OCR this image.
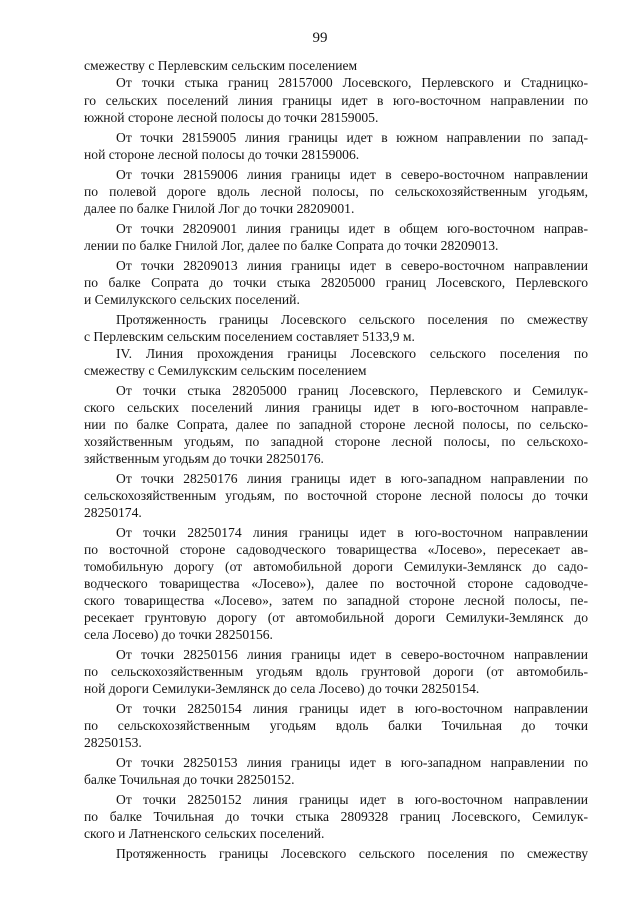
99
смежеству с Перлевским сельским поселением
От точки стыка границ 28157000 Лосевского, Перлевского и Стадницко-
го сельских поселений линия границы идет в юго-восточном направлении по
южной стороне лесной полосы до точки 28159005.
От точки 28159005 линия границы идет в южном направлении по запад-
ной стороне лесной полосы до точки 28159006.
От точки 28159006 линия границы идет в северо-восточном направлении
по полевой дороге вдоль лесной полосы, по сельскохозяйственным угодьям,
далее по балке Гнилой Лог до точки 28209001.
От точки 28209001 линия границы идет в общем юго-восточном направ-
лении по балке Гнилой Лог, далее по балке Сопрата до точки 28209013.
От точки 28209013 линия границы идет в северо-восточном направлении
по балке Сопрата до точки стыка 28205000 границ Лосевского, Перлевского
и Семилукского сельских поселений.
Протяженность границы Лосевского сельского поселения по смежеству
с Перлевским сельским поселением составляет 5133,9 м.
IV. Линия прохождения границы Лосевского сельского поселения по
смежеству с Семилукским сельским поселением
От точки стыка 28205000 границ Лосевского, Перлевского и Семилук-
ского сельских поселений линия границы идет в юго-восточном направле-
нии по балке Сопрата, далее по западной стороне лесной полосы, по сельско-
хозяйственным угодьям, по западной стороне лесной полосы, по сельскохо-
зяйственным угодьям до точки 28250176.
От точки 28250176 линия границы идет в юго-западном направлении по
сельскохозяйственным угодьям, по восточной стороне лесной полосы до точки
28250174.
От точки 28250174 линия границы идет в юго-восточном направлении
по восточной стороне садоводческого товарищества «Лосево», пересекает ав-
томобильную дорогу (от автомобильной дороги Семилуки-Землянск до садо-
водческого товарищества «Лосево»), далее по восточной стороне садоводче-
ского товарищества «Лосево», затем по западной стороне лесной полосы, пе-
ресекает грунтовую дорогу (от автомобильной дороги Семилуки-Землянск до
села Лосево) до точки 28250156.
От точки 28250156 линия границы идет в северо-восточном направлении
по сельскохозяйственным угодьям вдоль грунтовой дороги (от автомобиль-
ной дороги Семилуки-Землянск до села Лосево) до точки 28250154.
От точки 28250154 линия границы идет в юго-восточном направлении
по сельскохозяйственным угодьям вдоль балки Точильная до точки
28250153.
От точки 28250153 линия границы идет в юго-западном направлении по
балке Точильная до точки 28250152.
От точки 28250152 линия границы идет в юго-восточном направлении
по балке Точильная до точки стыка 2809328 границ Лосевского, Семилук-
ского и Латненского сельских поселений.
Протяженность границы Лосевского сельского поселения по смежеству
